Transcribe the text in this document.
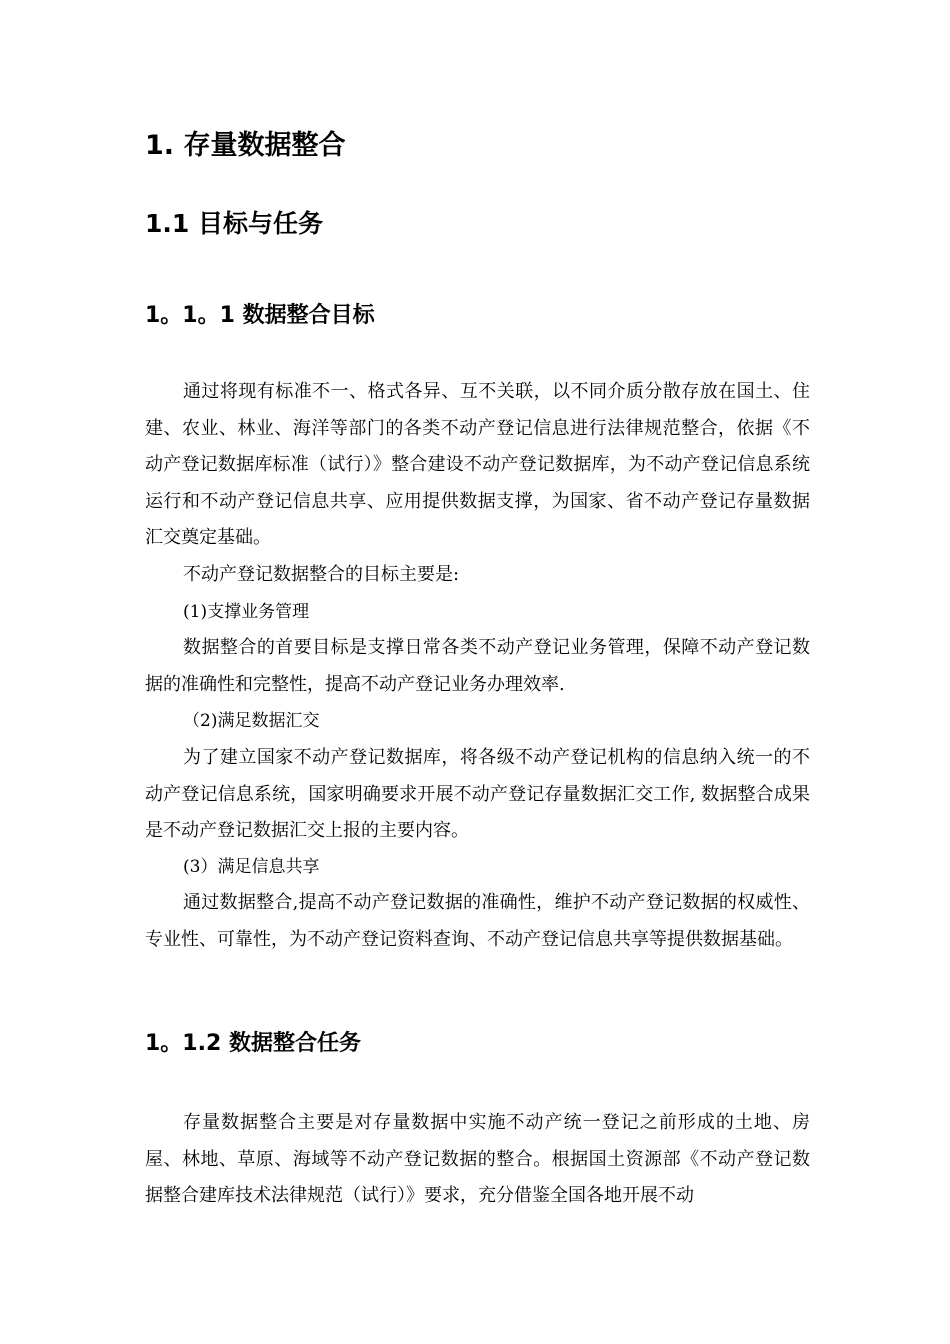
1. 存量数据整合
1.1 目标与任务
1。1。1 数据整合目标
通过将现有标准不一、格式各异、互不关联，以不同介质分散存放在国土、住建、农业、林业、海洋等部门的各类不动产登记信息进行法律规范整合，依据《不动产登记数据库标准（试行）》整合建设不动产登记数据库，为不动产登记信息系统运行和不动产登记信息共享、应用提供数据支撑，为国家、省不动产登记存量数据汇交奠定基础。
不动产登记数据整合的目标主要是:
(1)支撑业务管理
数据整合的首要目标是支撑日常各类不动产登记业务管理，保障不动产登记数据的准确性和完整性，提高不动产登记业务办理效率.
（2)满足数据汇交
为了建立国家不动产登记数据库，将各级不动产登记机构的信息纳入统一的不动产登记信息系统，国家明确要求开展不动产登记存量数据汇交工作, 数据整合成果是不动产登记数据汇交上报的主要内容。
(3）满足信息共享
通过数据整合,提高不动产登记数据的准确性，维护不动产登记数据的权威性、专业性、可靠性，为不动产登记资料查询、不动产登记信息共享等提供数据基础。
1。1.2 数据整合任务
存量数据整合主要是对存量数据中实施不动产统一登记之前形成的土地、房屋、林地、草原、海域等不动产登记数据的整合。根据国土资源部《不动产登记数据整合建库技术法律规范（试行）》要求，充分借鉴全国各地开展不动
